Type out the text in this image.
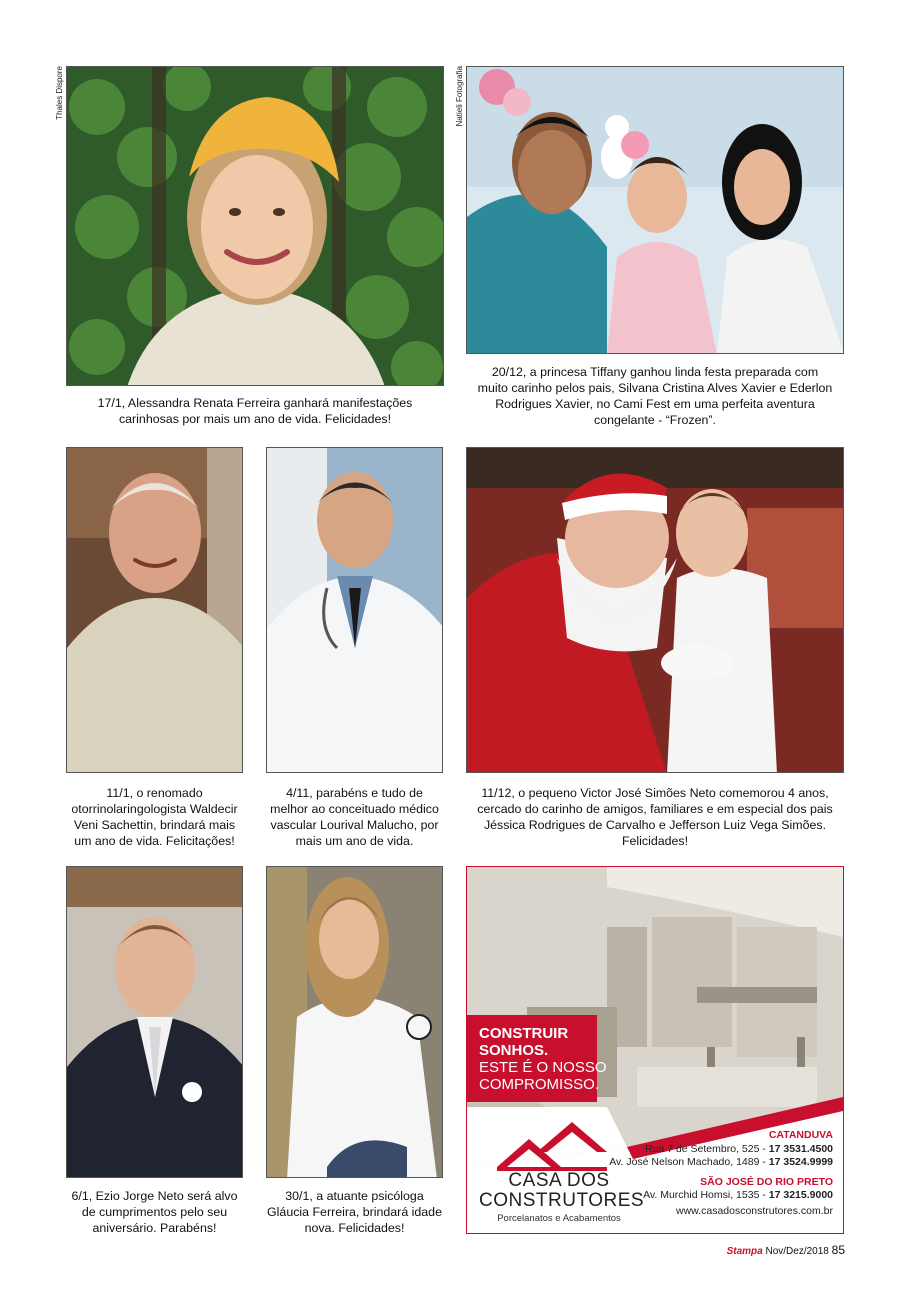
Thales Dispore	Natieli Fotografia
17/1, Alessandra Renata Ferreira ganhará manifestações carinhosas por mais um ano de vida. Felicidades!
20/12, a princesa Tiffany ganhou linda festa preparada com muito carinho pelos pais, Silvana Cristina Alves Xavier e Ederlon Rodrigues Xavier, no Cami Fest em uma perfeita aventura congelante - “Frozen”.
11/1, o renomado otorrinolaringologista Waldecir Veni Sachettin, brindará mais um ano de vida. Felicitações!
4/11, parabéns e tudo de melhor ao conceituado médico vascular Lourival Malucho, por mais um ano de vida.
11/12, o pequeno Victor José Simões Neto comemorou 4 anos, cercado do carinho de amigos, familiares e em especial dos pais Jéssica Rodrigues de Carvalho e Jefferson Luiz Vega Simões. Felicidades!
6/1, Ezio Jorge Neto será alvo de cumprimentos pelo seu aniversário. Parabéns!
30/1, a atuante psicóloga Gláucia Ferreira, brindará idade nova. Felicidades!
CONSTRUIR
SONHOS.
ESTE É O NOSSO
COMPROMISSO.
CASA DOS
CONSTRUTORES
Porcelanatos e Acabamentos
CATANDUVA
Rua 7 de Setembro, 525 - 17 3531.4500
Av. José Nelson Machado, 1489 - 17 3524.9999
SÃO JOSÉ DO RIO PRETO
Av. Murchid Homsi, 1535 - 17 3215.9000
www.casadosconstrutores.com.br
Stampa Nov/Dez/2018 85
